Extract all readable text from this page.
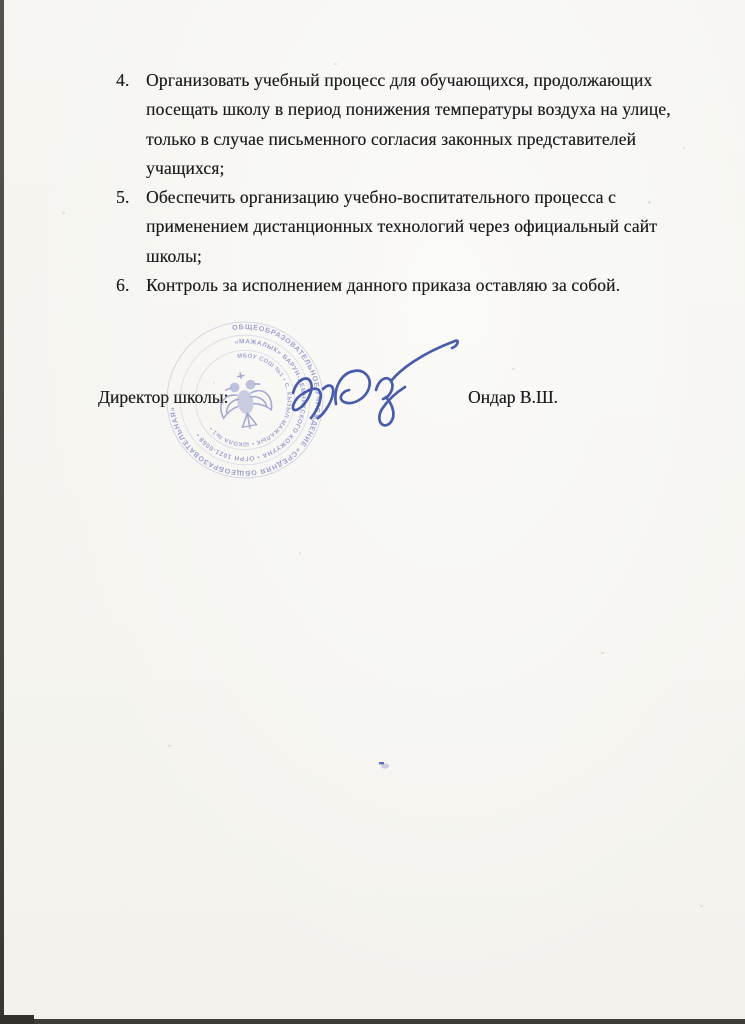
4. Организовать учебный процесс для обучающихся, продолжающих
посещать школу в период понижения температуры воздуха на улице,
только в случае письменного согласия законных представителей
учащихся;
5. Обеспечить организацию учебно-воспитательного процесса с
применением дистанционных технологий через официальный сайт
школы;
6. Контроль за исполнением данного приказа оставляю за собой.
Директор школы:	Ондар В.Ш.
ОБЩЕОБРАЗОВАТЕЛЬНОЕ УЧРЕЖДЕНИЕ «СРЕДНЯЯ ОБЩЕОБРАЗОВАТЕЛЬНАЯ»
«МАЖАЛЫК» БАРУН-ХЕМЧИКСКОГО КОЖУУНА • ОГРН 1021-0068 •
МБОУ СОШ №1 • С. КЫЗЫЛ-МАЖАЛЫК • ШКОЛА №1 •
